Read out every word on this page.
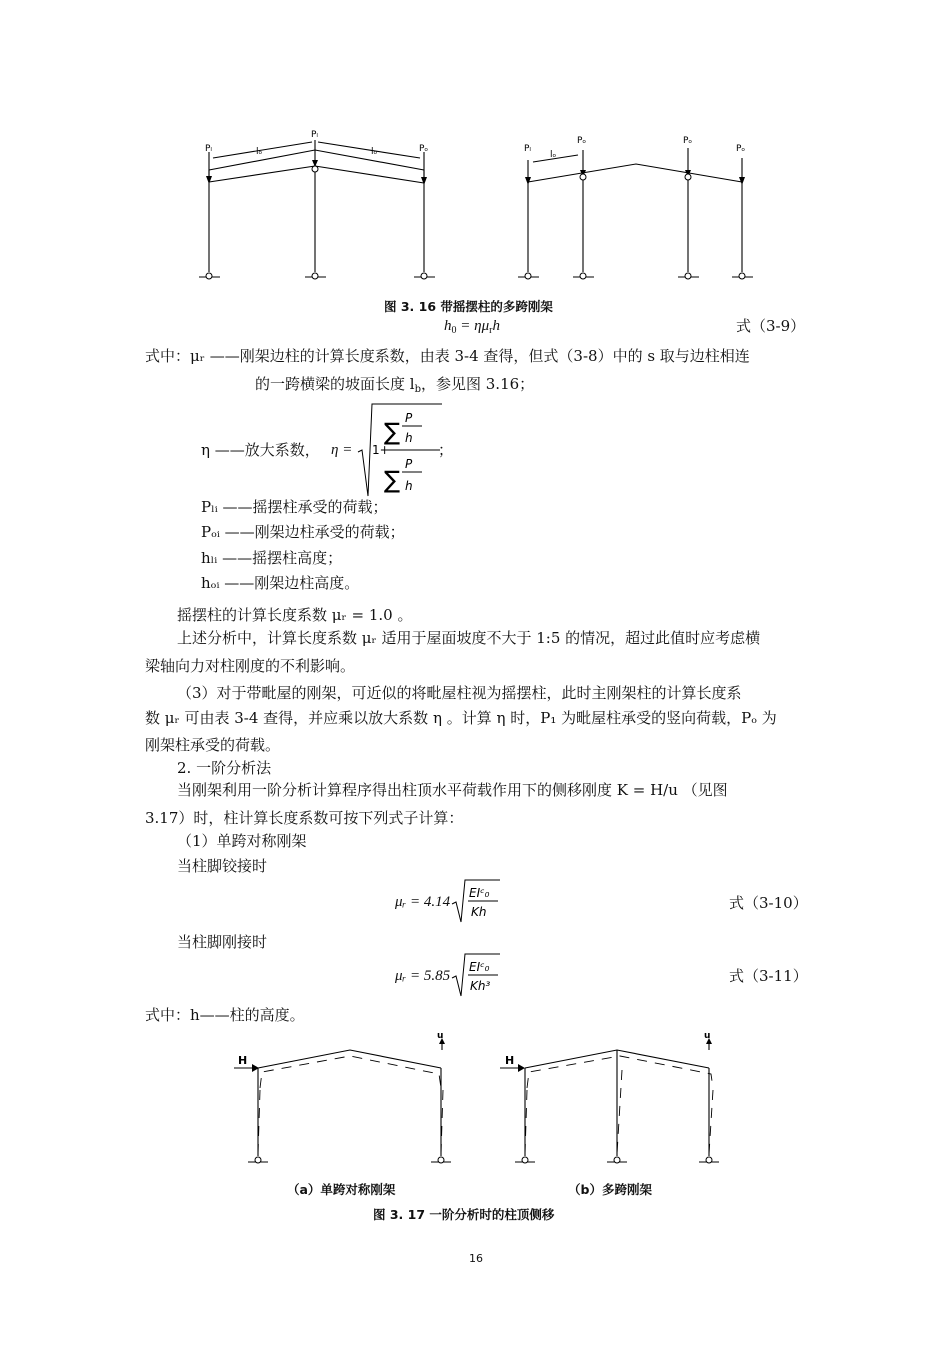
Pₗ
Pₗ
Pₒ
lₒ	lₒ	Pₗ
Pₒ	Pₒ
Pₒ
lₒ
图 3. 16 带摇摆柱的多跨刚架
$h_0 = \eta\mu_rh$	式（3-9）
式中：μᵣ ——刚架边柱的计算长度系数，由表 3-4 查得，但式（3-8）中的 s 取与边柱相连
的一跨横梁的坡面长度 $l_b$，参见图 3.16；
η ——放大系数， η = 1+
∑
∑
P
h
P
h
；
Pₗᵢ ——摇摆柱承受的荷载；
Pₒᵢ ——刚架边柱承受的荷载；
hₗᵢ ——摇摆柱高度；
hₒᵢ ——刚架边柱高度。
摇摆柱的计算长度系数 μᵣ = 1.0 。
上述分析中，计算长度系数 μᵣ 适用于屋面坡度不大于 1:5 的情况，超过此值时应考虑横
梁轴向力对柱刚度的不利影响。
（3）对于带毗屋的刚架，可近似的将毗屋柱视为摇摆柱，此时主刚架柱的计算长度系
数 μᵣ 可由表 3-4 查得，并应乘以放大系数 η 。计算 η 时，P₁ 为毗屋柱承受的竖向荷载，Pₒ 为
刚架柱承受的荷载。
2. 一阶分析法
当刚架利用一阶分析计算程序得出柱顶水平荷载作用下的侧移刚度 K = H/u （见图
3.17）时，柱计算长度系数可按下列式子计算：
（1）单跨对称刚架
当柱脚铰接时
μᵣ = 4.14
EIᶜ₀
Kh	式（3-10）
当柱脚刚接时
μᵣ = 5.85
EIᶜ₀
Kh³
式（3-11）
式中：h——柱的高度。
H	H
u	u
（a）单跨对称刚架	（b）多跨刚架
图 3. 17 一阶分析时的柱顶侧移
16
